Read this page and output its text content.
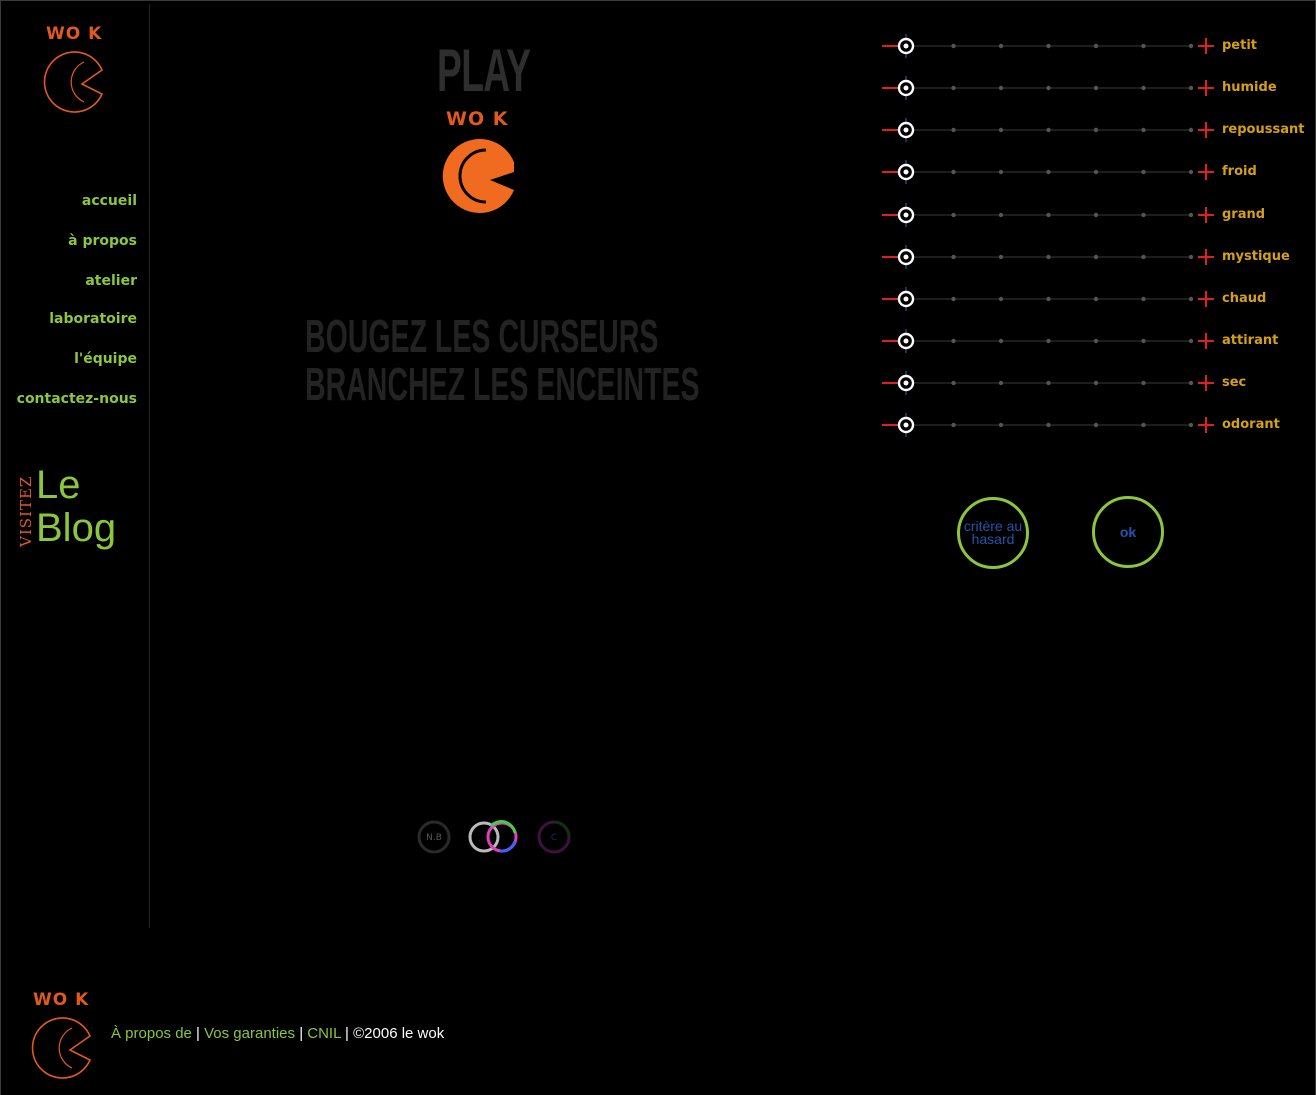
WO K
accueil
à propos
atelier
laboratoire
l'équipe
contactez-nous
VISITEZ Le
Blog
PLAY
WO K
BOUGEZ LES CURSEURS
BRANCHEZ LES ENCEINTES
N.B	C
petit
humide
repoussant
froid
grand
mystique
chaud
attirant
sec
odorant
critère au hasard	ok
WO K
À propos de | Vos garanties | CNIL | ©2006 le wok
